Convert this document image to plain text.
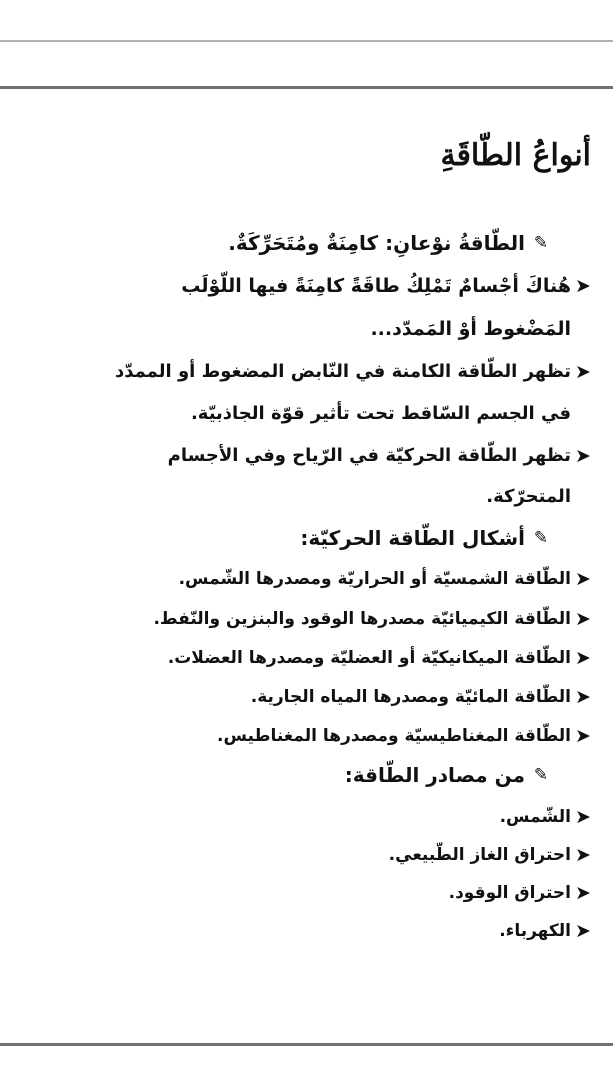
أنواعُ الطّاقَةِ
✎
الطّاقةُ نوْعانِ: كامِنَةٌ ومُتَحَرِّكَةٌ.
➤
هُناكَ أجْسامٌ تَمْلِكُ طاقَةً كامِنَةً فيها اللّوْلَب
المَضْغوط أوْ المَمدّد...
➤
تظهر الطّاقة الكامنة في النّابض المضغوط أو الممدّد
في الجسم السّاقط تحت تأثير قوّة الجاذبيّة.
➤
تظهر الطّاقة الحركيّة في الرّياح وفي الأجسام
المتحرّكة.
✎
أشكال الطّاقة الحركيّة:
➤
الطّاقة الشمسيّة أو الحراريّة ومصدرها الشّمس.
➤
الطّاقة الكيميائيّة مصدرها الوقود والبنزين والنّفط.
➤
الطّاقة الميكانيكيّة أو العضليّة ومصدرها العضلات.
➤
الطّاقة المائيّة ومصدرها المياه الجارية.
➤
الطّاقة المغناطيسيّة ومصدرها المغناطيس.
✎
من مصادر الطّاقة:
➤
الشّمس.
➤
احتراق الغاز الطّبيعي.
➤
احتراق الوقود.
➤
الكهرباء.
